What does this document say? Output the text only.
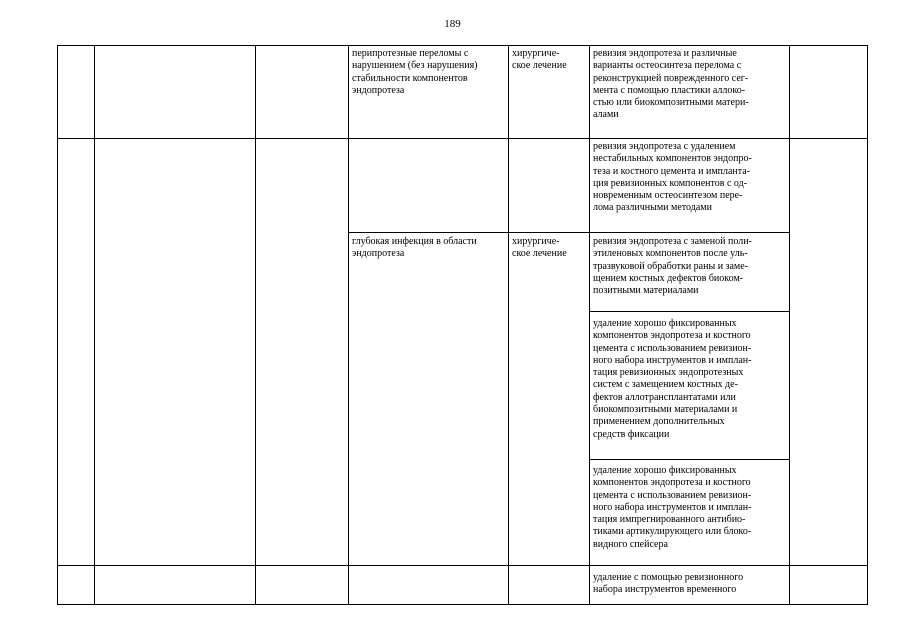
189
перипротезные переломы с
нарушением (без нарушения)
стабильности компонентов
эндопротеза
хирургиче-
ское лечение
ревизия эндопротеза и различные
варианты остеосинтеза перелома с
реконструкцией поврежденного сег-
мента с помощью пластики аллоко-
стью или биокомпозитными матери-
алами
ревизия эндопротеза с удалением
нестабильных компонентов эндопро-
теза и костного цемента и импланта-
ция ревизионных компонентов с од-
новременным остеосинтезом пере-
лома различными методами
глубокая инфекция в области
эндопротеза
хирургиче-
ское лечение
ревизия эндопротеза с заменой поли-
этиленовых компонентов после уль-
тразвуковой обработки раны и заме-
щением костных дефектов биоком-
позитными материалами
удаление хорошо фиксированных
компонентов эндопротеза и костного
цемента с использованием ревизион-
ного набора инструментов и имплан-
тация ревизионных эндопротезных
систем с замещением костных де-
фектов аллотрансплантатами или
биокомпозитными материалами и
применением дополнительных
средств фиксации
удаление хорошо фиксированных
компонентов эндопротеза и костного
цемента с использованием ревизион-
ного набора инструментов и имплан-
тация импрегнированного антибио-
тиками артикулирующего или блоко-
видного спейсера
удаление с помощью ревизионного
набора инструментов временного
